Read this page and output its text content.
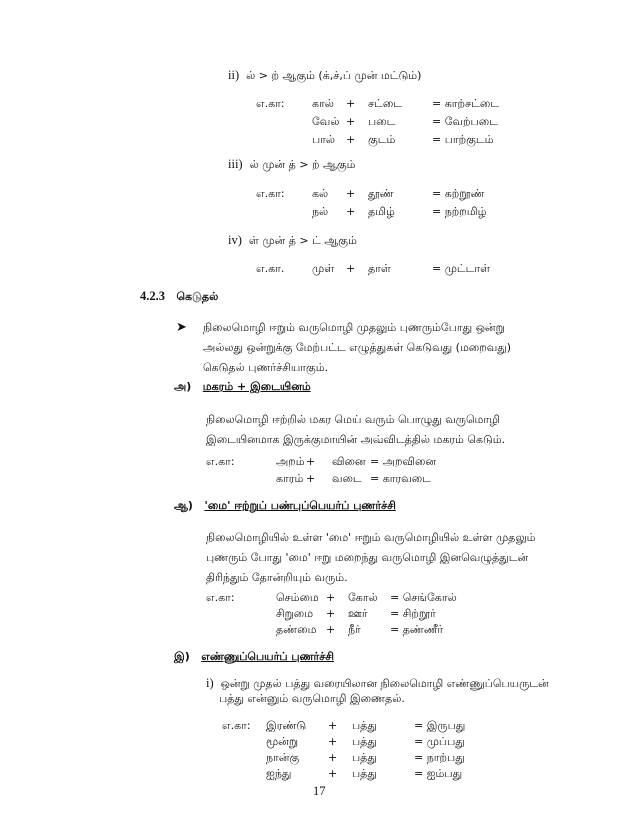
ii) ல் > ற் ஆகும் (க்,ச்,ப் முன் மட்டும்)
எ.கா: கால் + சட்டை	= காற்சட்டை
வேல் + படை	= வேற்படை
பால் + குடம்	= பாற்குடம்
iii) ல் முன் த் > ற் ஆகும்
எ.கா: கல் + தூண்	= கற்றூண்
நல் + தமிழ்	= நற்றமிழ்
iv) ள் முன் த் > ட் ஆகும்
எ.கா.	முள் + தாள்	= முட்டாள்
4.2.3 கெடுதல்
➤ நிலைமொழி ஈறும் வருமொழி முதலும் புணரும்போது ஒன்று
அல்லது ஒன்றுக்கு மேற்பட்ட எழுத்துகள் கெடுவது (மறைவது)
கெடுதல் புணர்ச்சியாகும்.
அ) மகரம் + இடையினம்
நிலைமொழி ஈற்றில் மகர மெய் வரும் பொழுது வருமொழி
இடையினமாக இருக்குமாயின் அவ்விடத்தில் மகரம் கெடும்.
எ.கா:	அறம் + வினை = அறவினை
காரம் + வடை = காரவடை
ஆ) 'மை' ஈற்றுப் பண்புப்பெயர்ப் புணர்ச்சி
நிலைமொழியில் உள்ள 'மை' ஈறும் வருமொழியில் உள்ள முதலும்
புணரும் போது 'மை' ஈறு மறைந்து வருமொழி இனவெழுத்துடன்
திரிந்தும் தோன்றியும் வரும்.
எ.கா:	செம்மை + கோல் = செங்கோல்
சிறுமை + ஊர் = சிற்றூர்
தண்மை + நீர்	= தண்ணீர்
இ) எண்ணுப்பெயர்ப் புணர்ச்சி
i) ஒன்று முதல் பத்து வரையிலான நிலைமொழி எண்ணுப்பெயருடன்
பத்து என்னும் வருமொழி இணைதல்.
எ.கா: இரண்டு + பத்து	= இருபது
மூன்று	+ பத்து	= முப்பது
நான்கு	+ பத்து	= நாற்பது
ஐந்து	+ பத்து	= ஐம்பது
17
